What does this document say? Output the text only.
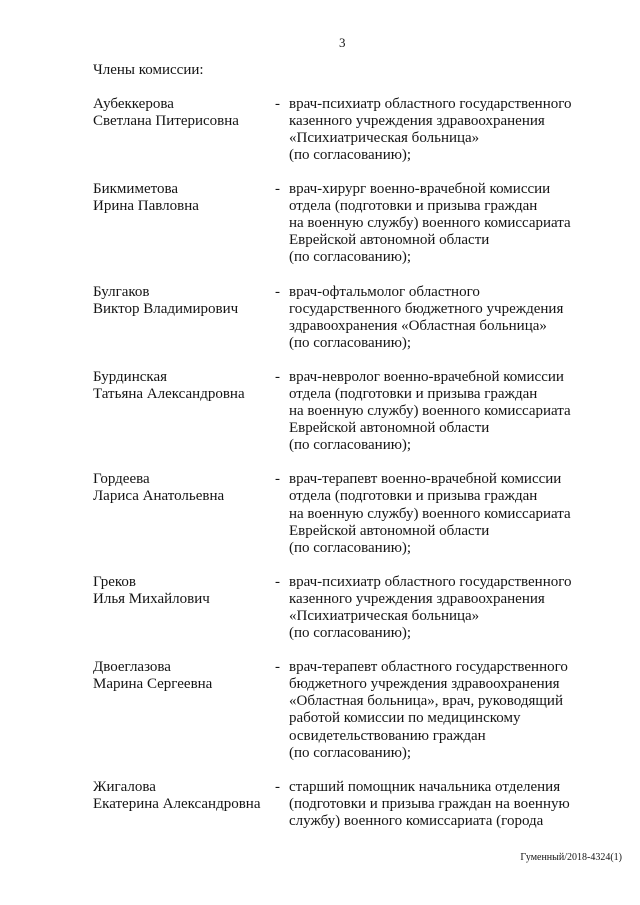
3
Члены комиссии:
Аубеккерова
Светлана Питерисовна
- врач-психиатр областного государственного
казенного учреждения здравоохранения
«Психиатрическая больница»
(по согласованию);
Бикмиметова
Ирина Павловна
- врач-хирург военно-врачебной комиссии
отдела (подготовки и призыва граждан
на военную службу) военного комиссариата
Еврейской автономной области
(по согласованию);
Булгаков
Виктор Владимирович
- врач-офтальмолог областного
государственного бюджетного учреждения
здравоохранения «Областная больница»
(по согласованию);
Бурдинская
Татьяна Александровна
- врач-невролог военно-врачебной комиссии
отдела (подготовки и призыва граждан
на военную службу) военного комиссариата
Еврейской автономной области
(по согласованию);
Гордеева
Лариса Анатольевна
- врач-терапевт военно-врачебной комиссии
отдела (подготовки и призыва граждан
на военную службу) военного комиссариата
Еврейской автономной области
(по согласованию);
Греков
Илья Михайлович
- врач-психиатр областного государственного
казенного учреждения здравоохранения
«Психиатрическая больница»
(по согласованию);
Двоеглазова
Марина Сергеевна
- врач-терапевт областного государственного
бюджетного учреждения здравоохранения
«Областная больница», врач, руководящий
работой комиссии по медицинскому
освидетельствованию граждан
(по согласованию);
Жигалова
Екатерина Александровна
- старший помощник начальника отделения
(подготовки и призыва граждан на военную
службу) военного комиссариата (города
Гуменный/2018-4324(1)
